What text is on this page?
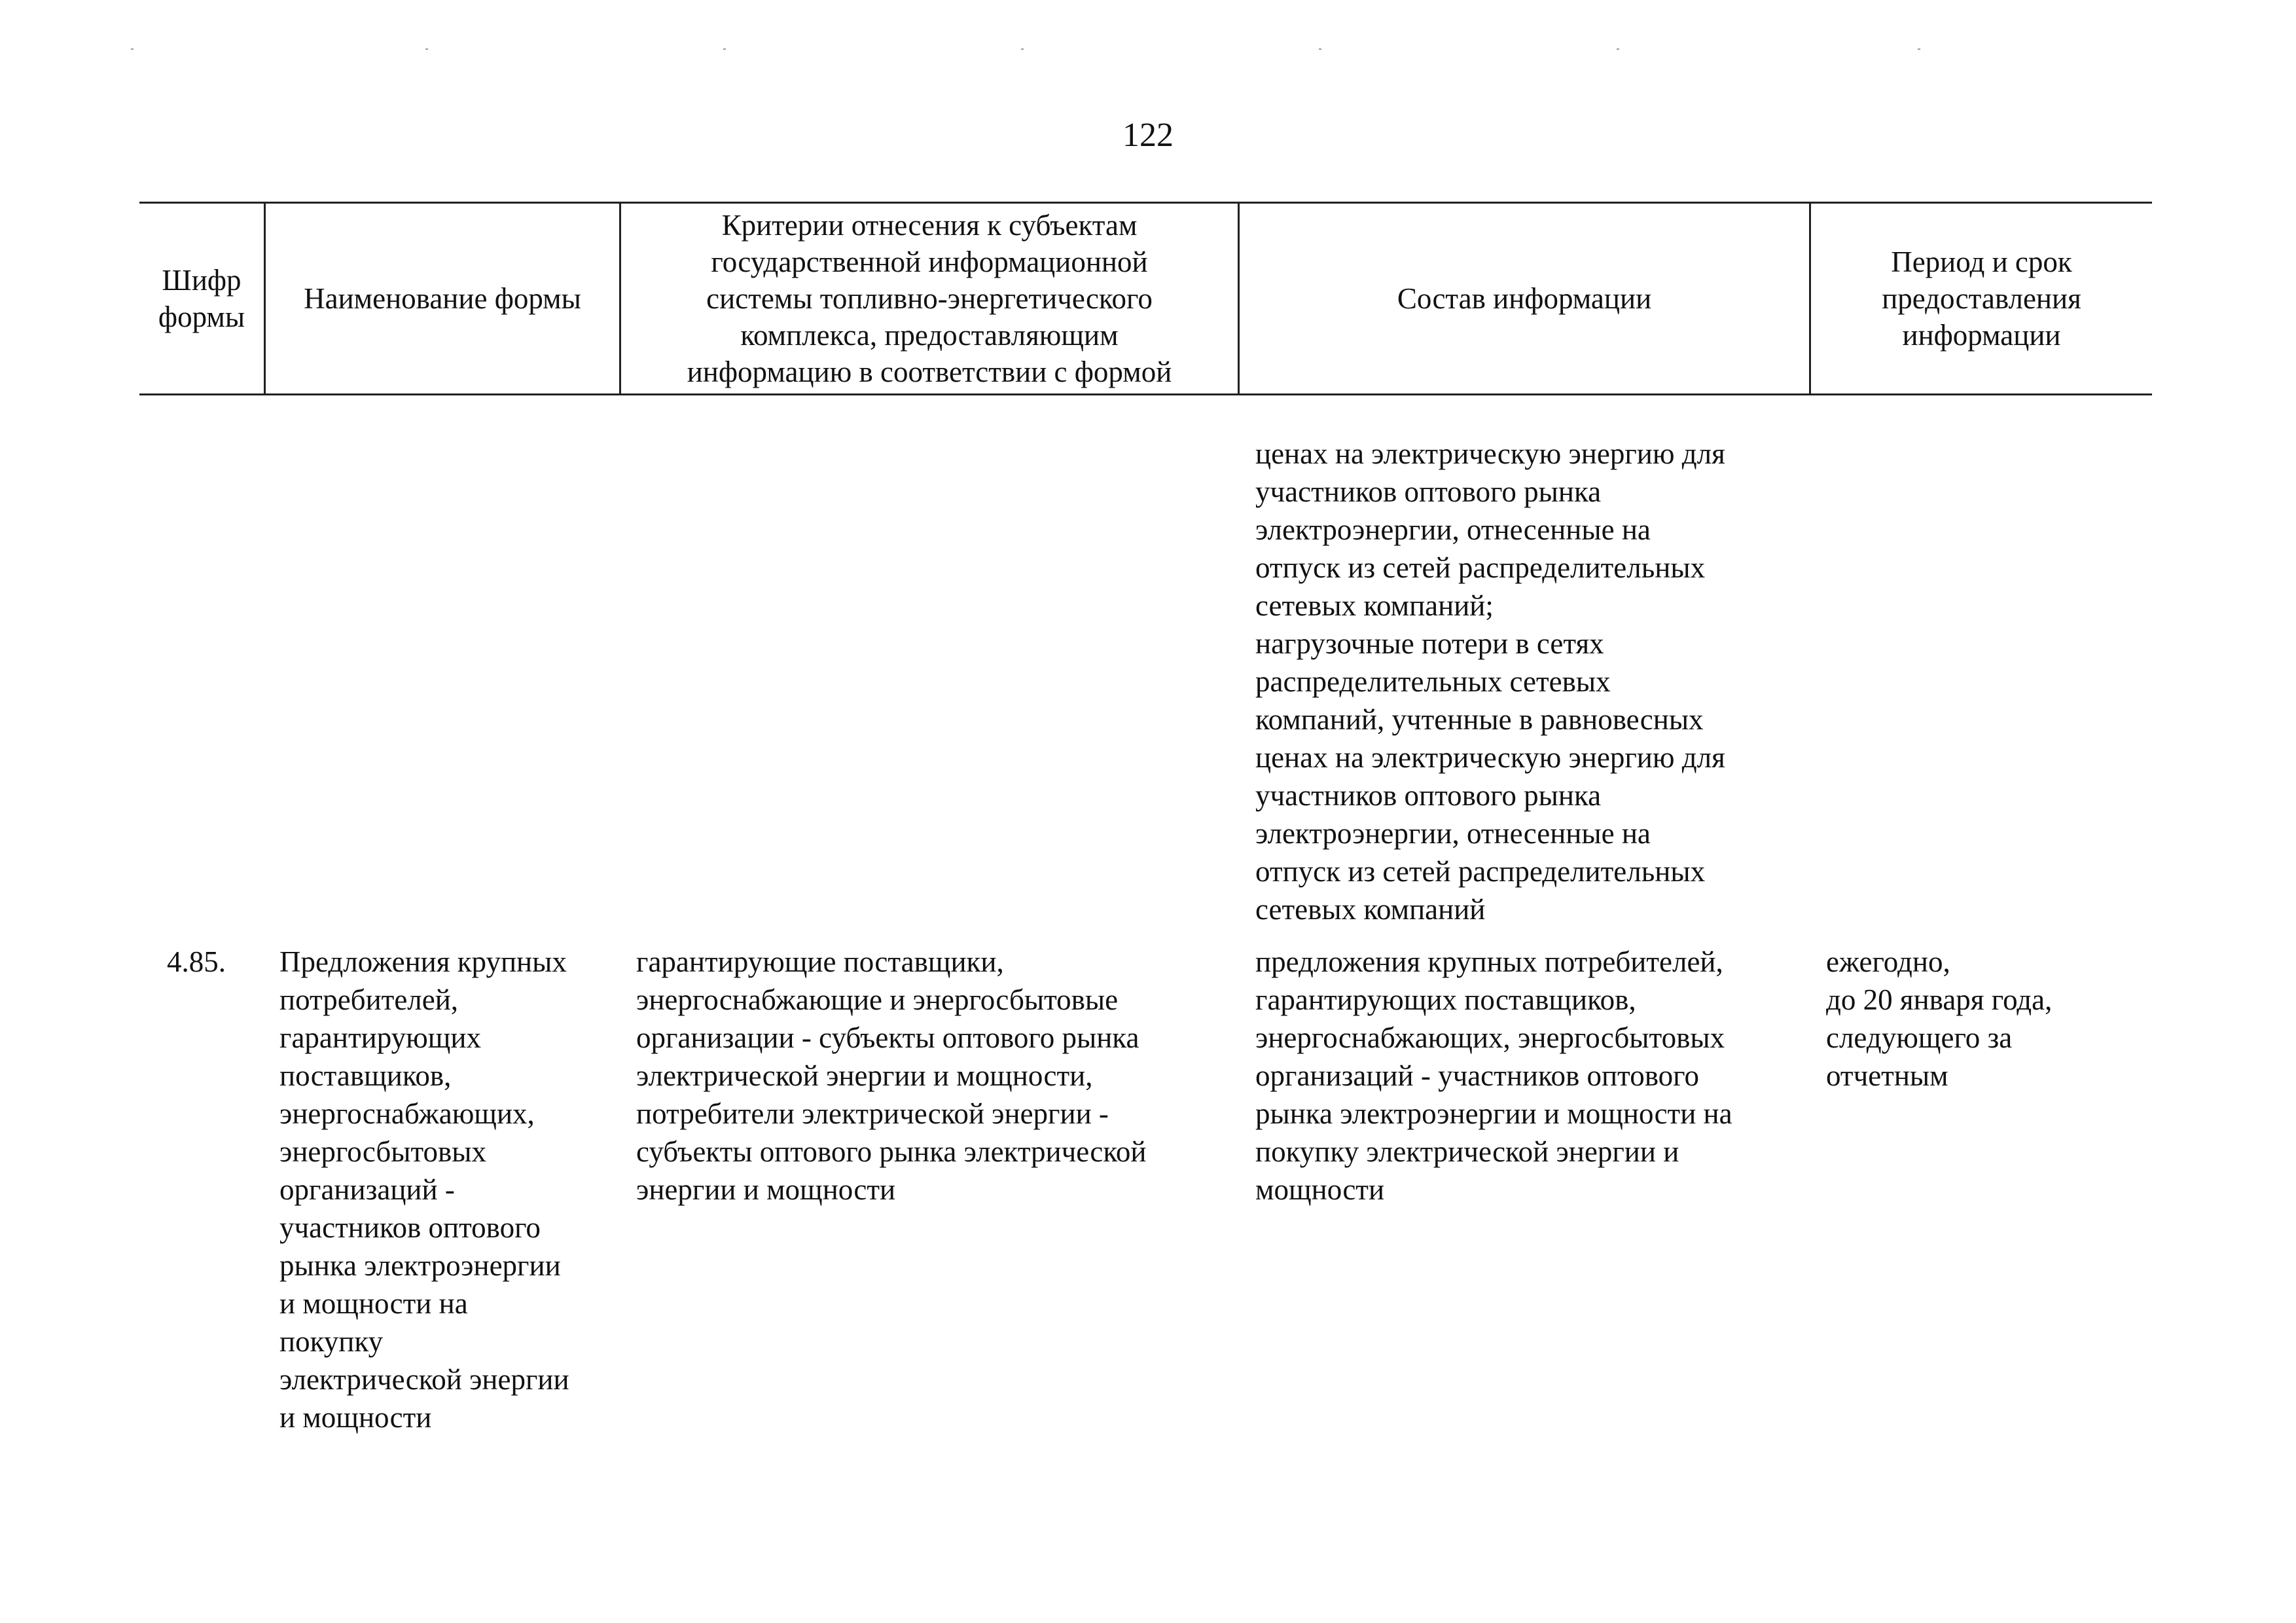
122
Шифр
формы
Наименование формы
Критерии отнесения к субъектам
государственной информационной
системы топливно-энергетического
комплекса, предоставляющим
информацию в соответствии с формой
Состав информации
Период и срок
предоставления
информации
ценах на электрическую энергию для
участников оптового рынка
электроэнергии, отнесенные на
отпуск из сетей распределительных
сетевых компаний;
нагрузочные потери в сетях
распределительных сетевых
компаний, учтенные в равновесных
ценах на электрическую энергию для
участников оптового рынка
электроэнергии, отнесенные на
отпуск из сетей распределительных
сетевых компаний
4.85.	Предложения крупных
потребителей,
гарантирующих
поставщиков,
энергоснабжающих,
энергосбытовых
организаций -
участников оптового
рынка электроэнергии
и мощности на
покупку
электрической энергии
и мощности
гарантирующие поставщики,
энергоснабжающие и энергосбытовые
организации - субъекты оптового рынка
электрической энергии и мощности,
потребители электрической энергии -
субъекты оптового рынка электрической
энергии и мощности
предложения крупных потребителей,
гарантирующих поставщиков,
энергоснабжающих, энергосбытовых
организаций - участников оптового
рынка электроэнергии и мощности на
покупку электрической энергии и
мощности
ежегодно,
до 20 января года,
следующего за
отчетным
